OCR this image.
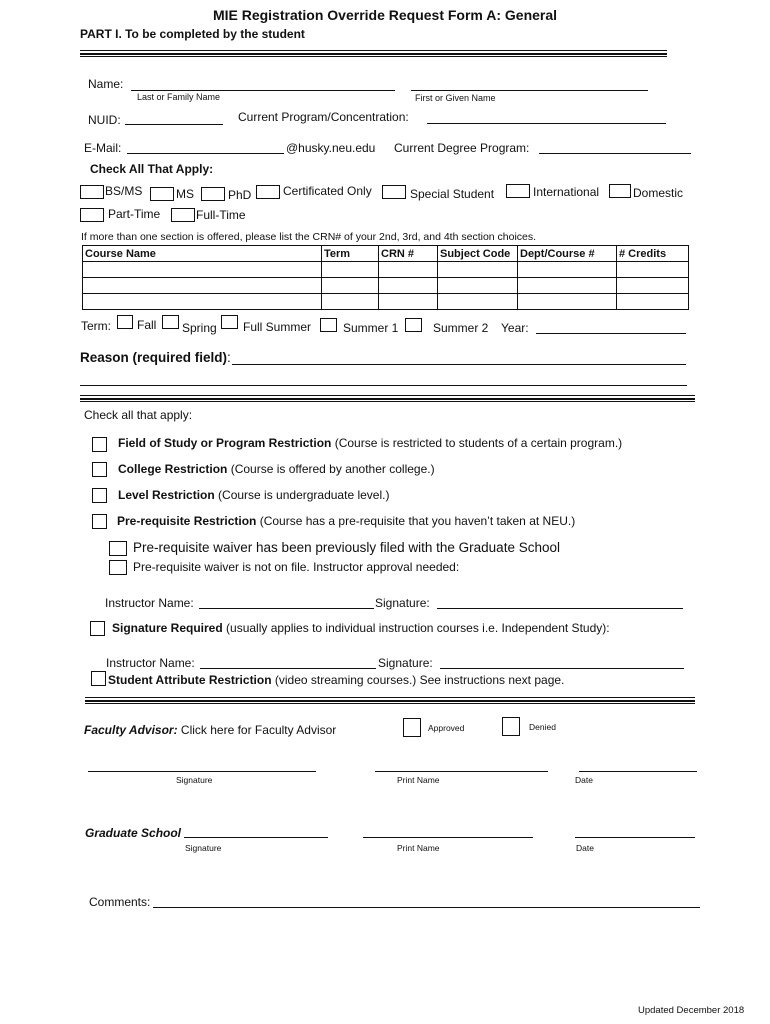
MIE Registration Override Request Form A: General
PART I. To be completed by the student
Name:
Last or Family Name	First or Given Name
NUID:	Current Program/Concentration:
E-Mail:	@husky.neu.edu Current Degree Program:
Check All That Apply:
BS/MS	MS	PhD	Certificated Only	Special Student	International	Domestic
Part-Time	Full-Time
If more than one section is offered, please list the CRN# of your 2nd, 3rd, and 4th section choices.
Course Name	Term	CRN #	Subject Code	Dept/Course #	# Credits

Term: Fall Spring Full Summer	Summer 1	Summer 2 Year:
Reason (required field):
Check all that apply:
Field of Study or Program Restriction (Course is restricted to students of a certain program.)
College Restriction (Course is offered by another college.)
Level Restriction (Course is undergraduate level.)
Pre-requisite Restriction (Course has a pre-requisite that you haven’t taken at NEU.)
Pre-requisite waiver has been previously filed with the Graduate School
Pre-requisite waiver is not on file. Instructor approval needed:
Instructor Name:	Signature:
Signature Required (usually applies to individual instruction courses i.e. Independent Study):
Instructor Name:	Signature:
Student Attribute Restriction (video streaming courses.) See instructions next page.
Faculty Advisor: Click here for Faculty Advisor	Approved	Denied
Signature	Print Name	Date
Graduate School
Signature	Print Name	Date
Comments:
Updated December 2018
